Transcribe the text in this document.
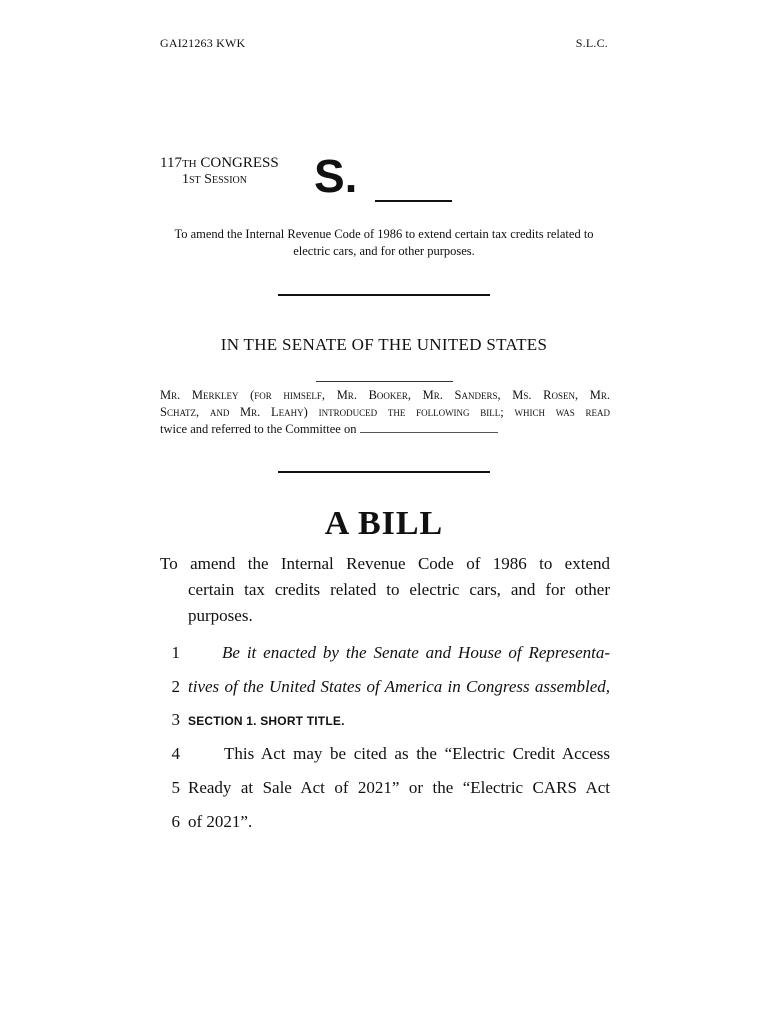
GAI21263 KWK	S.L.C.
117th CONGRESS
1st Session S.
To amend the Internal Revenue Code of 1986 to extend certain tax credits related to electric cars, and for other purposes.
IN THE SENATE OF THE UNITED STATES
Mr. Merkley (for himself, Mr. Booker, Mr. Sanders, Ms. Rosen, Mr.
Schatz, and Mr. Leahy) introduced the following bill; which was read
twice and referred to the Committee on
A BILL
To amend the Internal Revenue Code of 1986 to extend
certain tax credits related to electric cars, and for other
purposes.
1	Be it enacted by the Senate and House of Representa-
2 tives of the United States of America in Congress assembled,
3 SECTION 1. SHORT TITLE.
4	This Act may be cited as the “Electric Credit Access
5 Ready at Sale Act of 2021” or the “Electric CARS Act
6 of 2021”.
